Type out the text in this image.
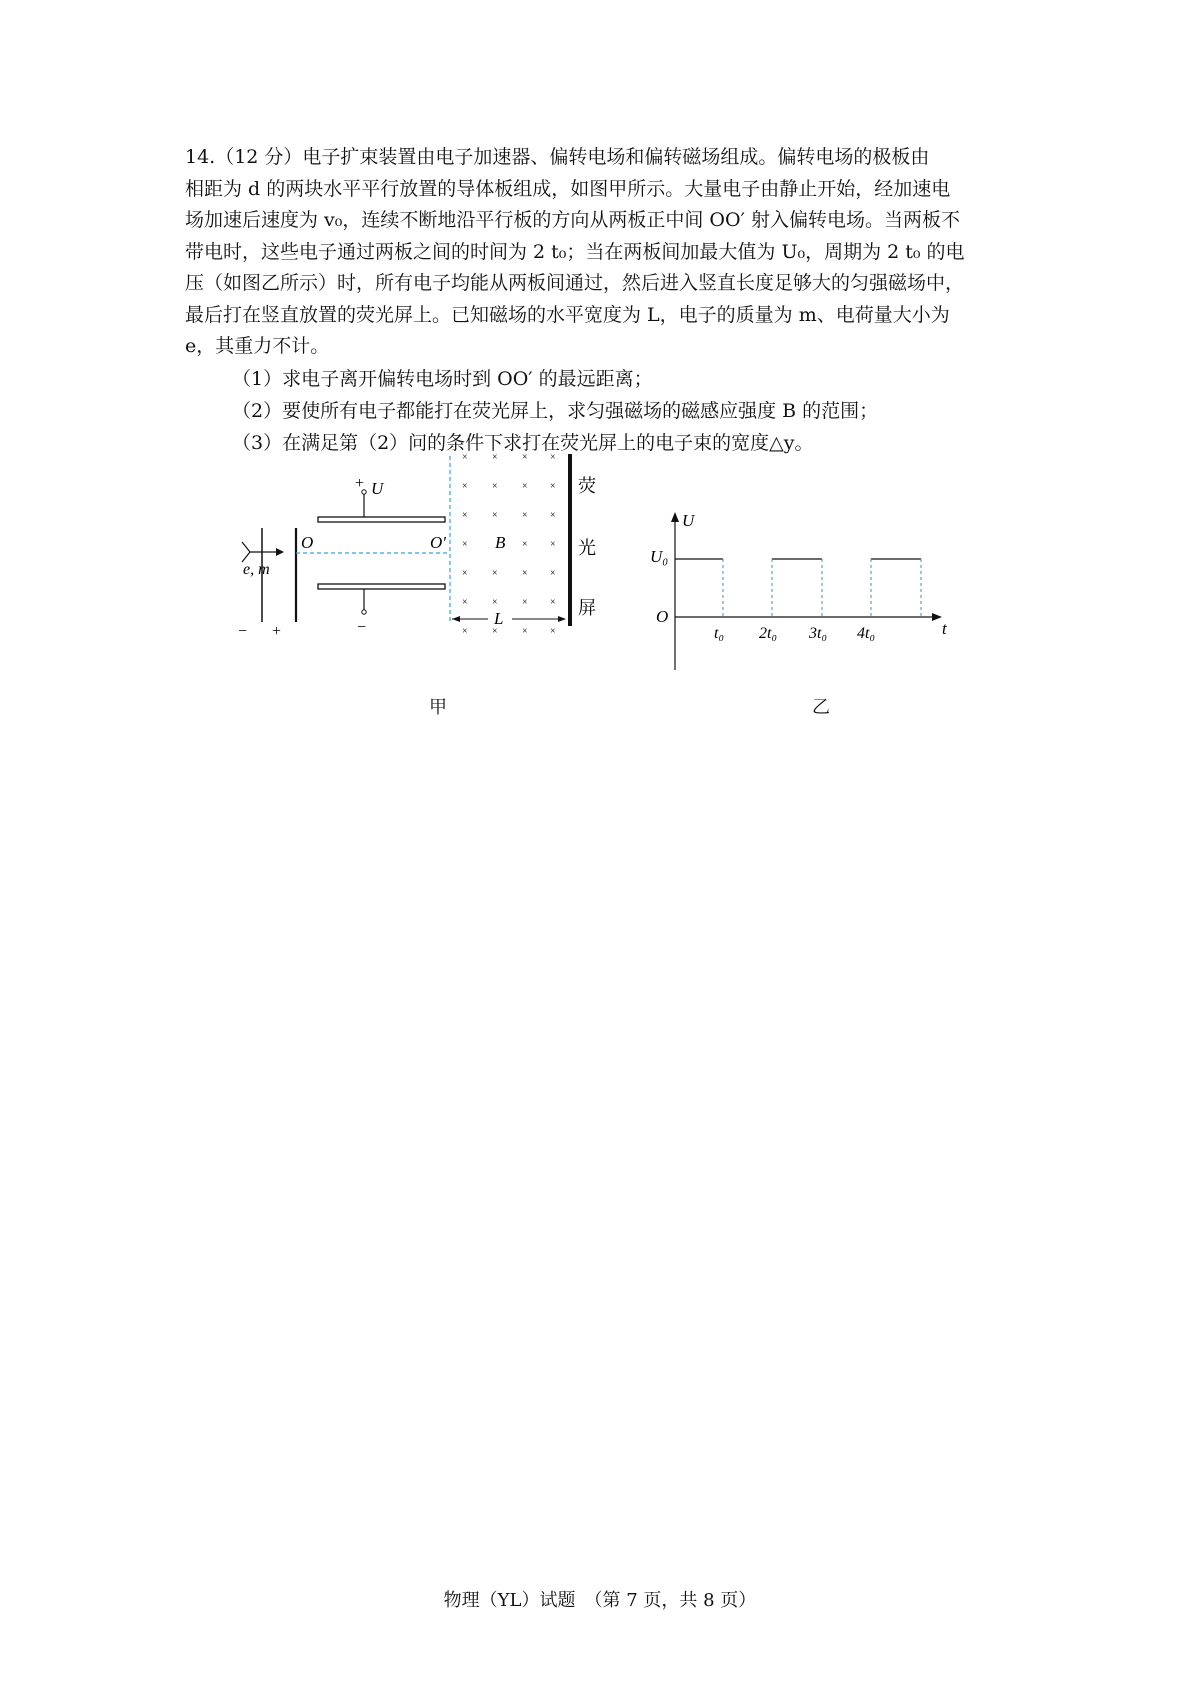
14.（12 分）电子扩束装置由电子加速器、偏转电场和偏转磁场组成。偏转电场的极板由
相距为 d 的两块水平平行放置的导体板组成，如图甲所示。大量电子由静止开始，经加速电
场加速后速度为 v₀，连续不断地沿平行板的方向从两板正中间 OO′ 射入偏转电场。当两板不
带电时，这些电子通过两板之间的时间为 2 t₀；当在两板间加最大值为 U₀，周期为 2 t₀ 的电
压（如图乙所示）时，所有电子均能从两板间通过，然后进入竖直长度足够大的匀强磁场中，
最后打在竖直放置的荧光屏上。已知磁场的水平宽度为 L，电子的质量为 m、电荷量大小为
e，其重力不计。
（1）求电子离开偏转电场时到 OO′ 的最远距离；
（2）要使所有电子都能打在荧光屏上，求匀强磁场的磁感应强度 B 的范围；
（3）在满足第（2）问的条件下求打在荧光屏上的电子束的宽度△y。
× × × ×
× × × ×
× × × ×
×	× ×
× × × ×
× × × ×
× × × ×
+ U
−
O	O′	B
e, m
− +
L
荧
光
屏
甲
U
U₀
O
t
t₀ 2t₀ 3t₀ 4t₀
乙
物理（YL）试题　（第 7 页，共 8 页）
